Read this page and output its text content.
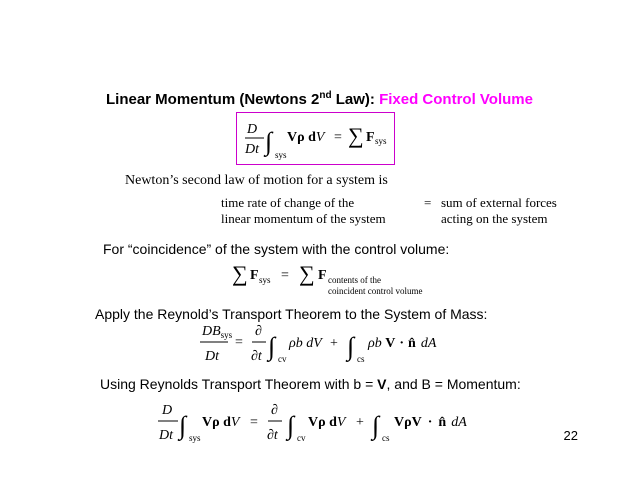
Linear Momentum (Newtons 2nd Law): Fixed Control Volume
D
Dt ∫ sys
Vρ dV = ∑ F sys
∑ F sys = ∑ F contents of the
coincident control volume
$DB_{sys}$
Dt
=
∂
∂t ∫ cv
ρb dV + ∫ cs
ρb V · n̂ dA
D
Dt ∫ sys
Vρ dV =
∂
∂t ∫ cv
Vρ dV + ∫ cs
VρV · n̂ dA
Newton’s second law of motion for a system is
time rate of change of the
linear momentum of the system
= sum of external forces
acting on the system
For “coincidence” of the system with the control volume:
Apply the Reynold’s Transport Theorem to the System of Mass:
Using Reynolds Transport Theorem with b = V, and B = Momentum:
22
